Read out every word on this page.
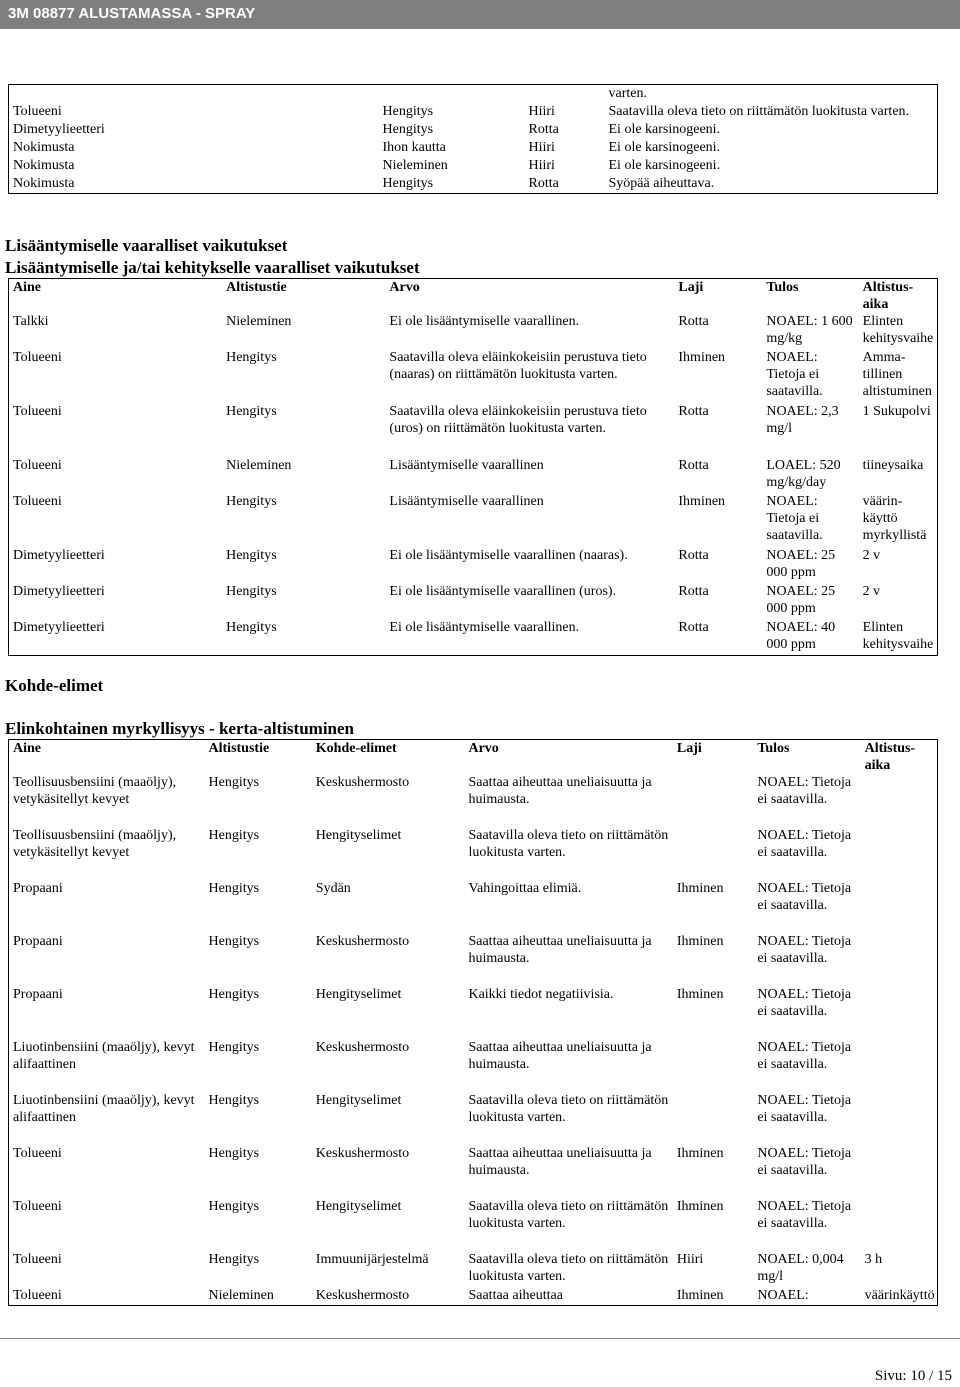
3M 08877 ALUSTAMASSA - SPRAY
			varten.
Tolueeni	Hengitys	Hiiri	Saatavilla oleva tieto on riittämätön luokitusta varten.
Dimetyylieetteri	Hengitys	Rotta	Ei ole karsinogeeni.
Nokimusta	Ihon kautta	Hiiri	Ei ole karsinogeeni.
Nokimusta	Nieleminen	Hiiri	Ei ole karsinogeeni.
Nokimusta	Hengitys	Rotta	Syöpää aiheuttava.
Lisääntymiselle vaaralliset vaikutukset
Lisääntymiselle ja/tai kehitykselle vaaralliset vaikutukset
Aine	Altistustie	Arvo	Laji	Tulos	Altistus-aika
Talkki	Nieleminen	Ei ole lisääntymiselle vaarallinen.	Rotta	NOAEL: 1 600 mg/kg	Elinten kehitysvaihe
Tolueeni	Hengitys	Saatavilla oleva eläinkokeisiin perustuva tieto (naaras) on riittämätön luokitusta varten.	Ihminen	NOAEL: Tietoja ei saatavilla.	Amma-tillinen altistuminen
Tolueeni	Hengitys	Saatavilla oleva eläinkokeisiin perustuva tieto (uros) on riittämätön luokitusta varten.	Rotta	NOAEL: 2,3 mg/l	1 Sukupolvi
Tolueeni	Nieleminen	Lisääntymiselle vaarallinen	Rotta	LOAEL: 520 mg/kg/day	tiineysaika
Tolueeni	Hengitys	Lisääntymiselle vaarallinen	Ihminen	NOAEL: Tietoja ei saatavilla.	väärin-käyttö myrkyllistä
Dimetyylieetteri	Hengitys	Ei ole lisääntymiselle vaarallinen (naaras).	Rotta	NOAEL: 25 000 ppm	2 v
Dimetyylieetteri	Hengitys	Ei ole lisääntymiselle vaarallinen (uros).	Rotta	NOAEL: 25 000 ppm	2 v
Dimetyylieetteri	Hengitys	Ei ole lisääntymiselle vaarallinen.	Rotta	NOAEL: 40 000 ppm	Elinten kehitysvaihe
Kohde-elimet
Elinkohtainen myrkyllisyys - kerta-altistuminen
Aine	Altistustie	Kohde-elimet	Arvo	Laji	Tulos	Altistus-aika
Teollisuusbensiini (maaöljy), vetykäsitellyt kevyet	Hengitys	Keskushermosto	Saattaa aiheuttaa uneliaisuutta ja huimausta.		NOAEL: Tietoja ei saatavilla.	
Teollisuusbensiini (maaöljy), vetykäsitellyt kevyet	Hengitys	Hengityselimet	Saatavilla oleva tieto on riittämätön luokitusta varten.		NOAEL: Tietoja ei saatavilla.	
Propaani	Hengitys	Sydän	Vahingoittaa elimiä.	Ihminen	NOAEL: Tietoja ei saatavilla.	
Propaani	Hengitys	Keskushermosto	Saattaa aiheuttaa uneliaisuutta ja huimausta.	Ihminen	NOAEL: Tietoja ei saatavilla.	
Propaani	Hengitys	Hengityselimet	Kaikki tiedot negatiivisia.	Ihminen	NOAEL: Tietoja ei saatavilla.	
Liuotinbensiini (maaöljy), kevyt alifaattinen	Hengitys	Keskushermosto	Saattaa aiheuttaa uneliaisuutta ja huimausta.		NOAEL: Tietoja ei saatavilla.	
Liuotinbensiini (maaöljy), kevyt alifaattinen	Hengitys	Hengityselimet	Saatavilla oleva tieto on riittämätön luokitusta varten.		NOAEL: Tietoja ei saatavilla.	
Tolueeni	Hengitys	Keskushermosto	Saattaa aiheuttaa uneliaisuutta ja huimausta.	Ihminen	NOAEL: Tietoja ei saatavilla.	
Tolueeni	Hengitys	Hengityselimet	Saatavilla oleva tieto on riittämätön luokitusta varten.	Ihminen	NOAEL: Tietoja ei saatavilla.	
Tolueeni	Hengitys	Immuunijärjestelmä	Saatavilla oleva tieto on riittämätön luokitusta varten.	Hiiri	NOAEL: 0,004 mg/l	3 h
Tolueeni	Nieleminen	Keskushermosto	Saattaa aiheuttaa	Ihminen	NOAEL:	väärinkäyttö
Sivu: 10 / 15
